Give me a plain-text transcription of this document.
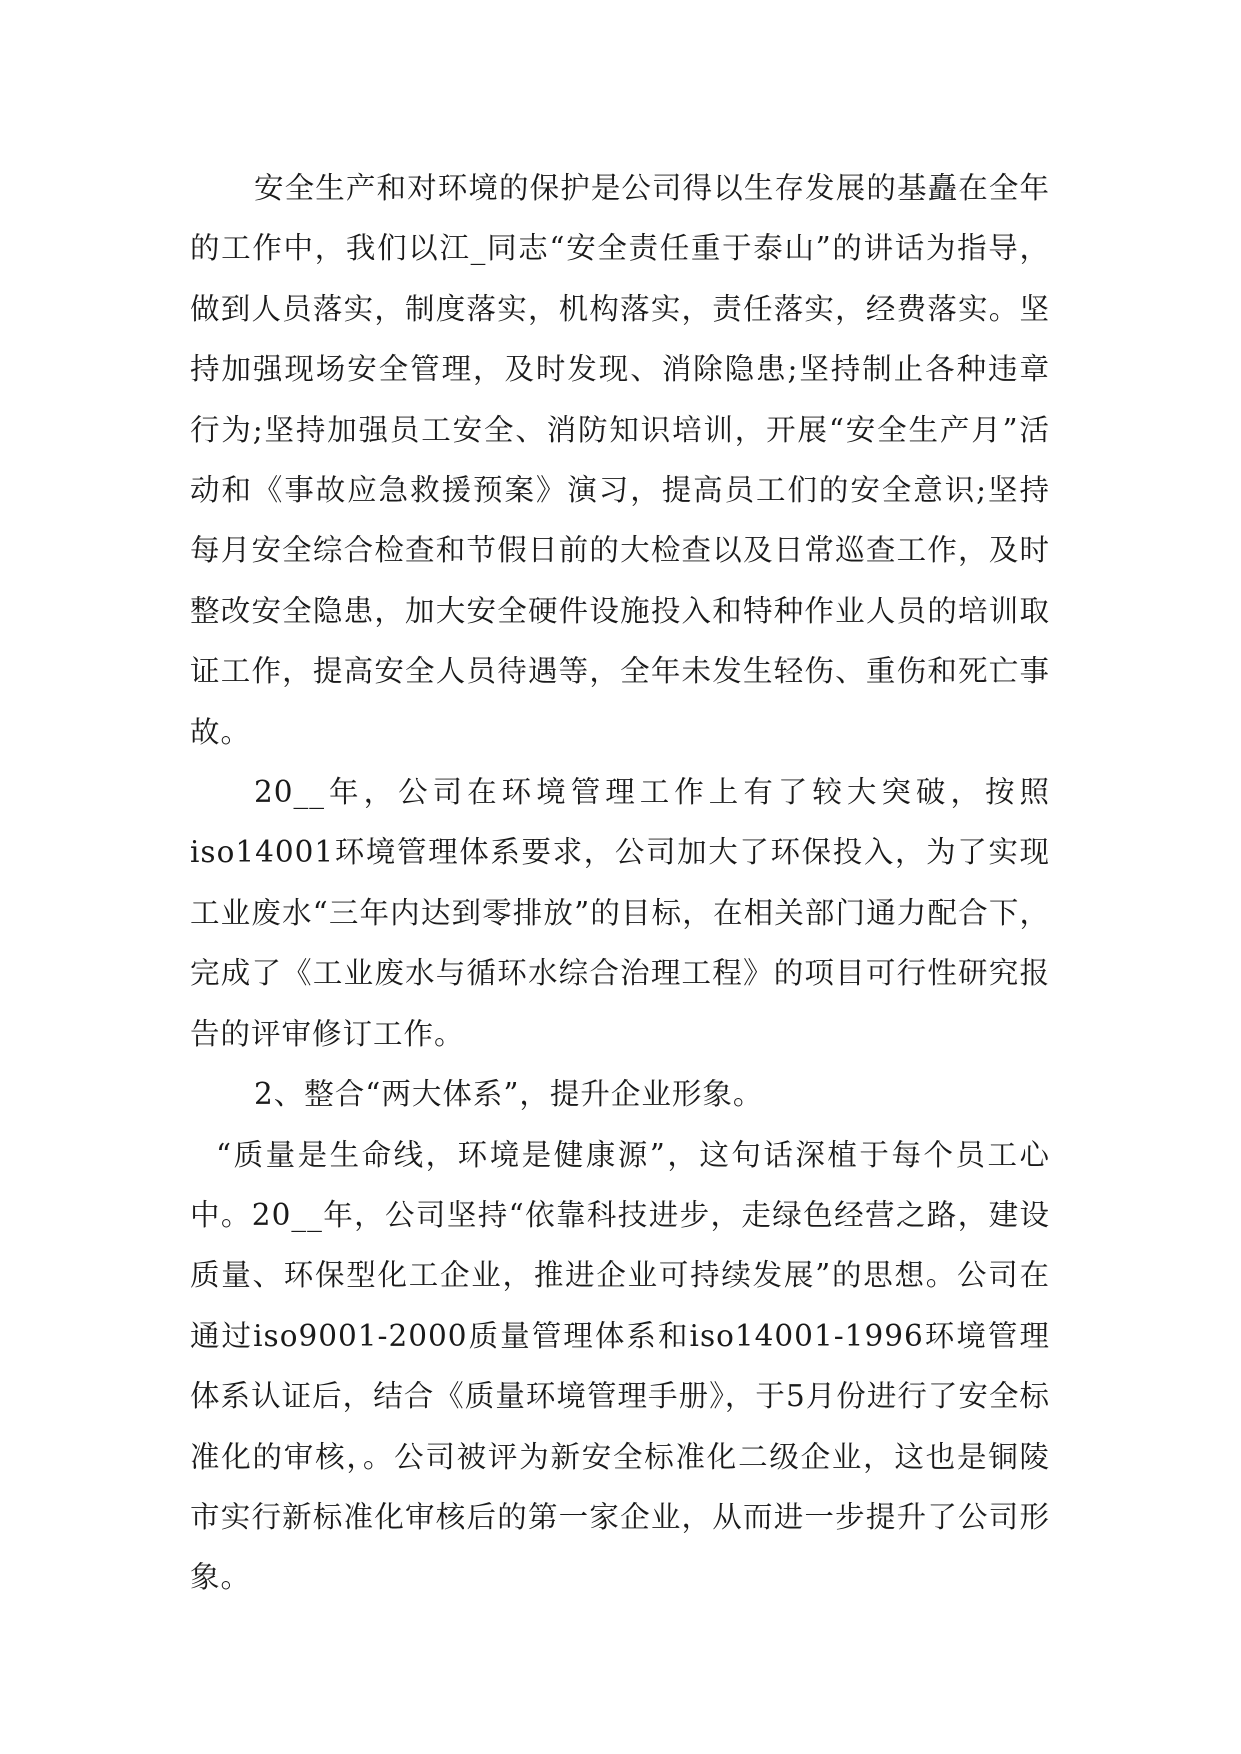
安全生产和对环境的保护是公司得以生存发展的基矗在全年的工作中，我们以江_同志“安全责任重于泰山”的讲话为指导，做到人员落实，制度落实，机构落实，责任落实，经费落实。坚持加强现场安全管理，及时发现、消除隐患;坚持制止各种违章行为;坚持加强员工安全、消防知识培训，开展“安全生产月”活动和《事故应急救援预案》演习，提高员工们的安全意识;坚持每月安全综合检查和节假日前的大检查以及日常巡查工作，及时整改安全隐患，加大安全硬件设施投入和特种作业人员的培训取证工作，提高安全人员待遇等，全年未发生轻伤、重伤和死亡事故。

20__年，公司在环境管理工作上有了较大突破，按照iso14001环境管理体系要求，公司加大了环保投入，为了实现工业废水“三年内达到零排放”的目标，在相关部门通力配合下，完成了《工业废水与循环水综合治理工程》的项目可行性研究报告的评审修订工作。

2、整合“两大体系”，提升企业形象。

“质量是生命线，环境是健康源”，这句话深植于每个员工心中。20__年，公司坚持“依靠科技进步，走绿色经营之路，建设质量、环保型化工企业，推进企业可持续发展”的思想。公司在通过iso9001-2000质量管理体系和iso14001-1996环境管理体系认证后，结合《质量环境管理手册》，于5月份进行了安全标准化的审核，。公司被评为新安全标准化二级企业，这也是铜陵市实行新标准化审核后的第一家企业，从而进一步提升了公司形象。
